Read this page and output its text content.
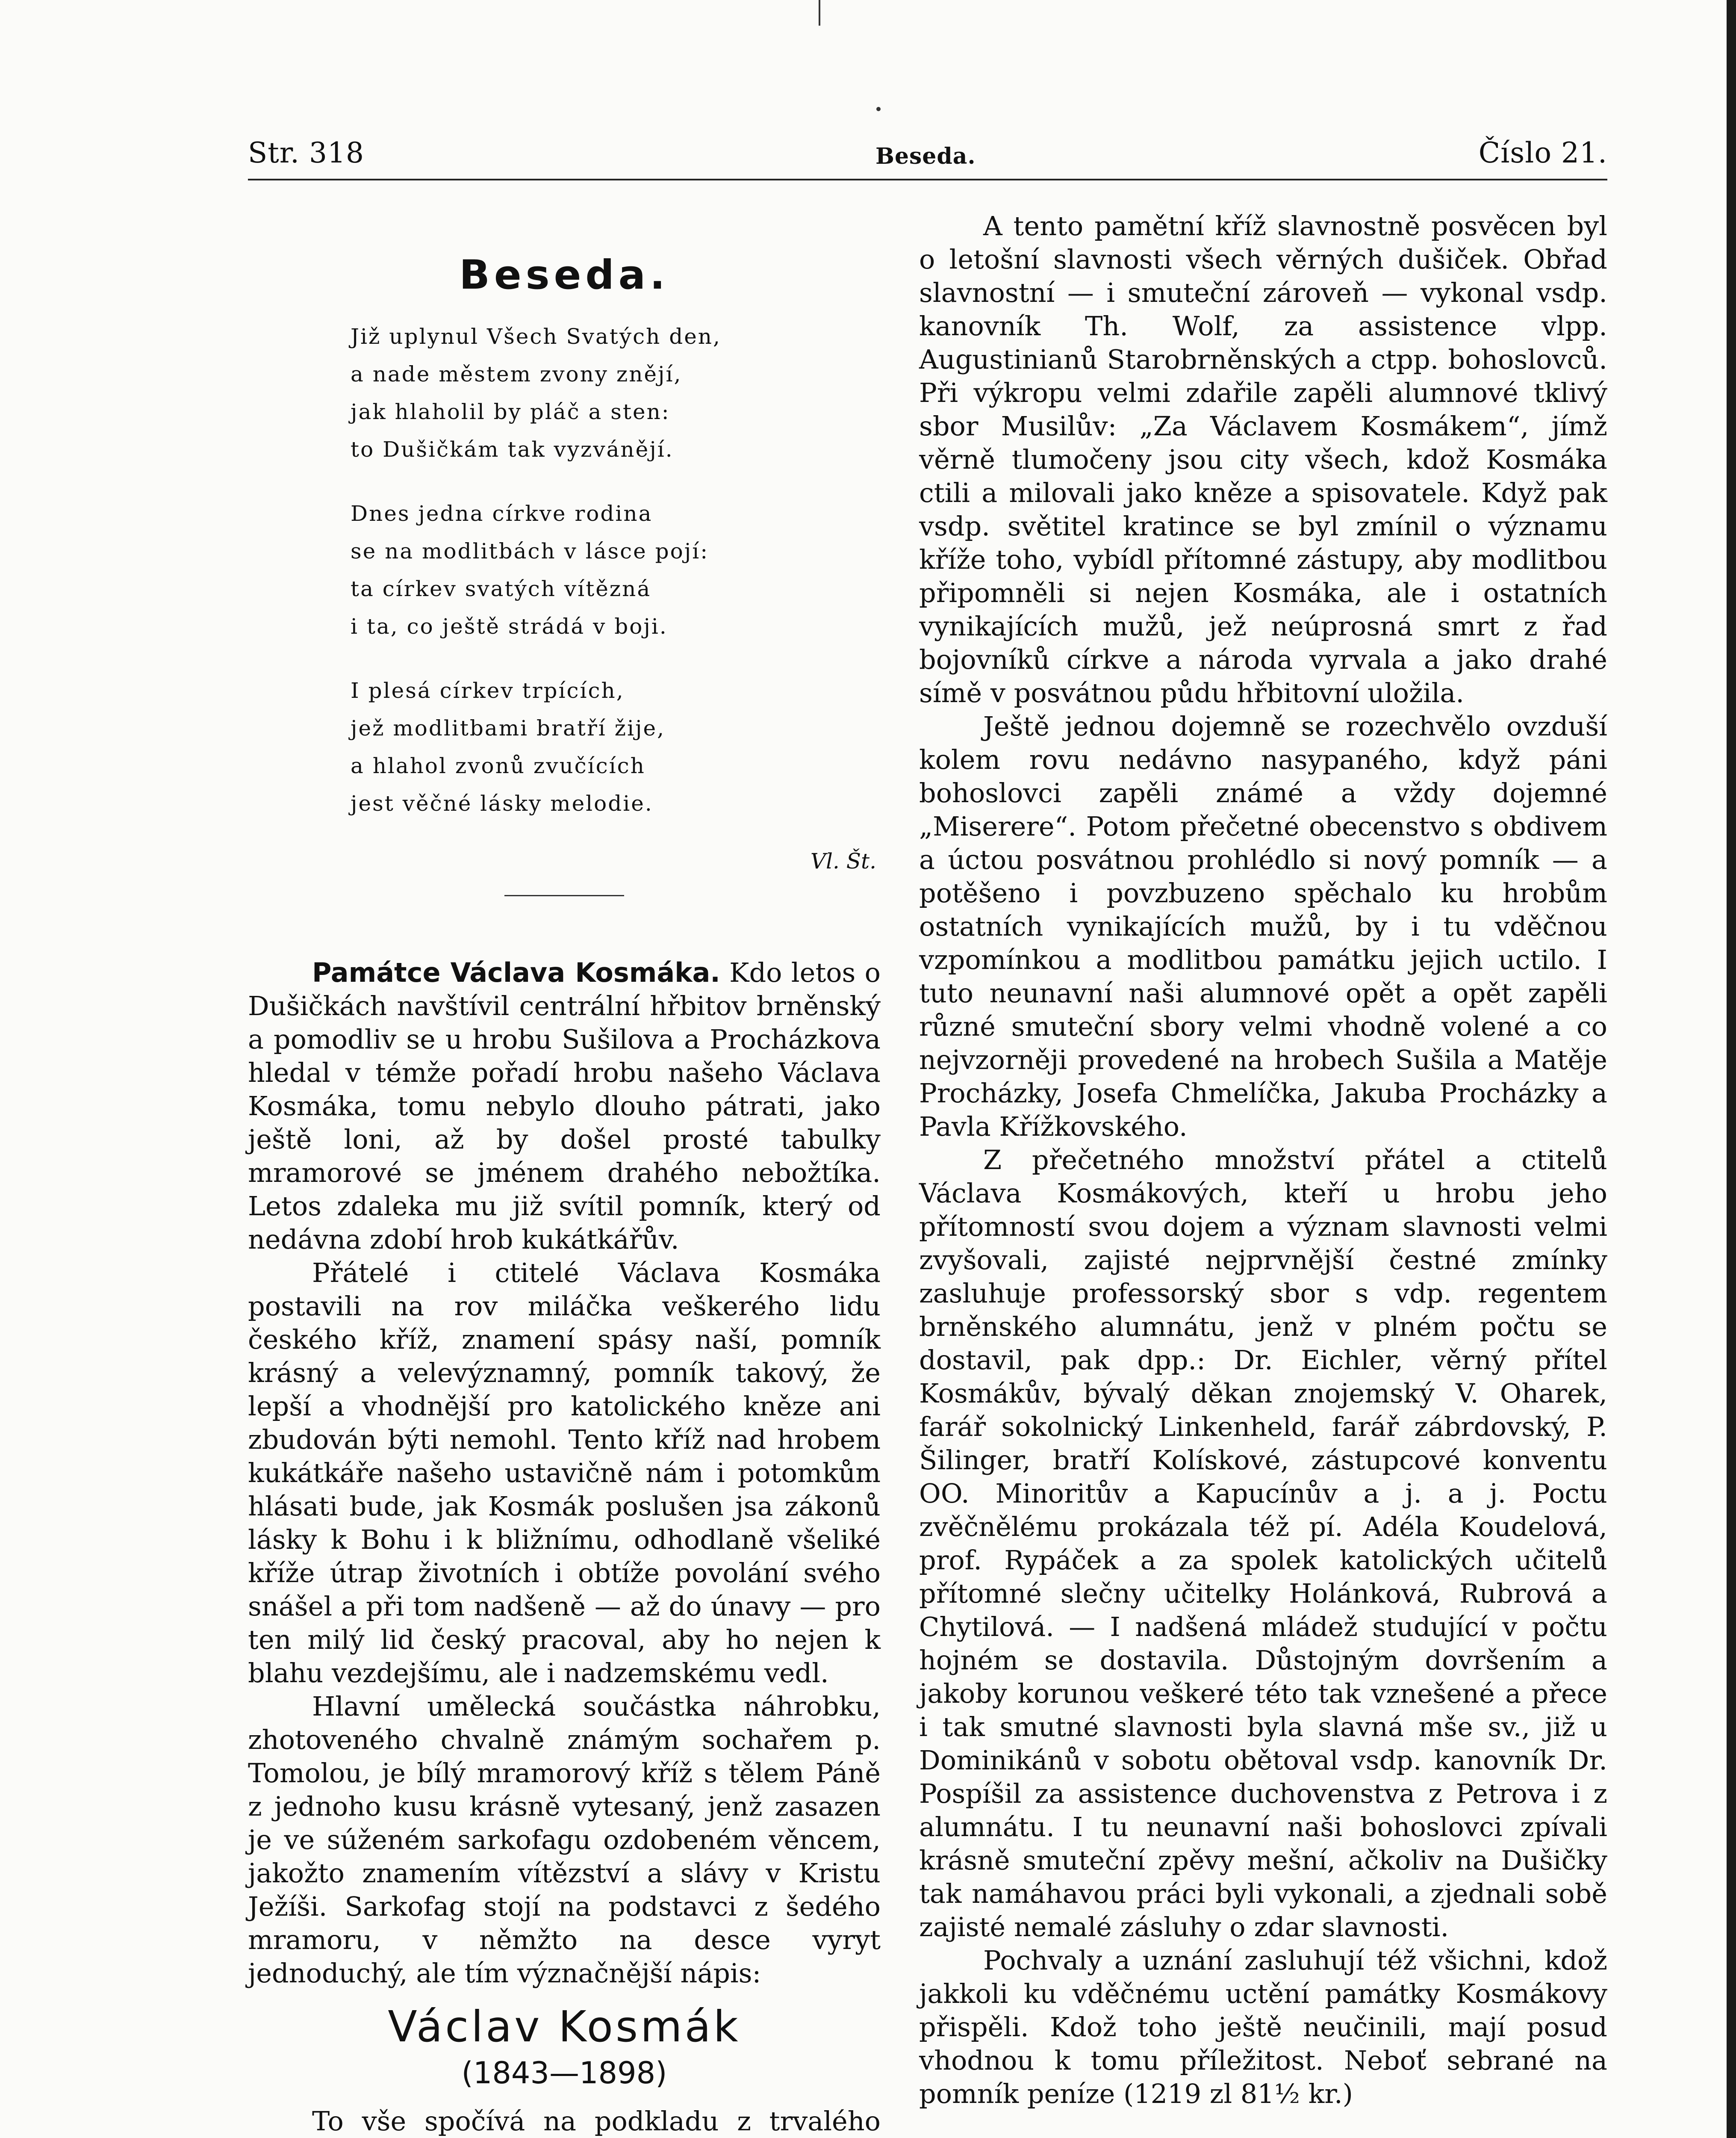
Str. 318	Beseda.	Číslo 21.
Beseda.
Již uplynul Všech Svatých den,
a nade městem zvony znějí,
jak hlaholil by pláč a sten:
to Dušičkám tak vyzvánějí.
Dnes jedna církve rodina
se na modlitbách v lásce pojí:
ta církev svatých vítězná
i ta, co ještě strádá v boji.
I plesá církev trpících,
jež modlitbami bratří žije,
a hlahol zvonů zvučících
jest věčné lásky melodie.
Vl. Št.

Památce Václava Kosmáka. Kdo letos o Dušičkách navštívil centrální hřbitov brněnský a pomodliv se u hrobu Sušilova a Procházkova hledal v témže pořadí hrobu našeho Václava Kosmáka, tomu nebylo dlouho pátrati, jako ještě loni, až by došel prosté tabulky mramorové se jménem drahého nebožtíka. Letos zdaleka mu již svítil pomník, který od nedávna zdobí hrob kukátkářův.

Přátelé i ctitelé Václava Kosmáka postavili na rov miláčka veškerého lidu českého kříž, znamení spásy naší, pomník krásný a velevýznamný, pomník takový, že lepší a vhodnější pro katolického kněze ani zbudován býti nemohl. Tento kříž nad hrobem kukátkáře našeho ustavičně nám i potomkům hlásati bude, jak Kosmák poslušen jsa zákonů lásky k Bohu i k bližnímu, odhodlaně všeliké kříže útrap životních i obtíže povolání svého snášel a při tom nadšeně — až do únavy — pro ten milý lid český pracoval, aby ho nejen k blahu vezdejšímu, ale i nadzemskému vedl.

Hlavní umělecká součástka náhrobku, zhotoveného chvalně známým sochařem p. Tomolou, je bílý mramorový kříž s tělem Páně z jednoho kusu krásně vytesaný, jenž zasazen je ve súženém sarkofagu ozdobeném věncem, jakožto znamením vítězství a slávy v Kristu Ježíši. Sarkofag stojí na podstavci z šedého mramoru, v němžto na desce vyryt jednoduchý, ale tím význačnější nápis:

Václav Kosmák
(1843—1898)

To vše spočívá na podkladu z trvalého

A tento pamětní kříž slavnostně posvěcen byl o letošní slavnosti všech věrných dušiček. Obřad slavnostní — i smuteční zároveň — vykonal vsdp. kanovník Th. Wolf, za assistence vlpp. Augustinianů Starobrněnských a ctpp. bohoslovců. Při výkropu velmi zdařile zapěli alumnové tklivý sbor Musilův: „Za Václavem Kosmákem“, jímž věrně tlumočeny jsou city všech, kdož Kosmáka ctili a milovali jako kněze a spisovatele. Když pak vsdp. světitel kratince se byl zmínil o významu kříže toho, vybídl přítomné zástupy, aby modlitbou připomněli si nejen Kosmáka, ale i ostatních vynikajících mužů, jež neúprosná smrt z řad bojovníků církve a národa vyrvala a jako drahé símě v posvátnou půdu hřbitovní uložila.

Ještě jednou dojemně se rozechvělo ovzduší kolem rovu nedávno nasypaného, když páni bohoslovci zapěli známé a vždy dojemné „Miserere“. Potom přečetné obecenstvo s obdivem a úctou posvátnou prohlédlo si nový pomník — a potěšeno i povzbuzeno spěchalo ku hrobům ostatních vynikajících mužů, by i tu vděčnou vzpomínkou a modlitbou památku jejich uctilo. I tuto neunavní naši alumnové opět a opět zapěli různé smuteční sbory velmi vhodně volené a co nejvzorněji provedené na hrobech Sušila a Matěje Procházky, Josefa Chmelíčka, Jakuba Procházky a Pavla Křížkovského.

Z přečetného množství přátel a ctitelů Václava Kosmákových, kteří u hrobu jeho přítomností svou dojem a význam slavnosti velmi zvyšovali, zajisté nejprvnější čestné zmínky zasluhuje professorský sbor s vdp. regentem brněnského alumnátu, jenž v plném počtu se dostavil, pak dpp.: Dr. Eichler, věrný přítel Kosmákův, bývalý děkan znojemský V. Oharek, farář sokolnický Linkenheld, farář zábrdovský, P. Šilinger, bratří Kolískové, zástupcové konventu OO. Minoritův a Kapucínův a j. a j. Poctu zvěčnělému prokázala též pí. Adéla Koudelová, prof. Rypáček a za spolek katolických učitelů přítomné slečny učitelky Holánková, Rubrová a Chytilová. — I nadšená mládež studující v počtu hojném se dostavila. Důstojným dovršením a jakoby korunou veškeré této tak vznešené a přece i tak smutné slavnosti byla slavná mše sv., již u Dominikánů v sobotu obětoval vsdp. kanovník Dr. Pospíšil za assistence duchovenstva z Petrova i z alumnátu. I tu neunavní naši bohoslovci zpívali krásně smuteční zpěvy mešní, ačkoliv na Dušičky tak namáhavou práci byli vykonali, a zjednali sobě zajisté nemalé zásluhy o zdar slavnosti.

Pochvaly a uznání zasluhují též všichni, kdož jakkoli ku vděčnému uctění památky Kosmákovy přispěli. Kdož toho ještě neučinili, mají posud vhodnou k tomu příležitost. Neboť sebrané na pomník peníze (1219 zl 81½ kr.)
